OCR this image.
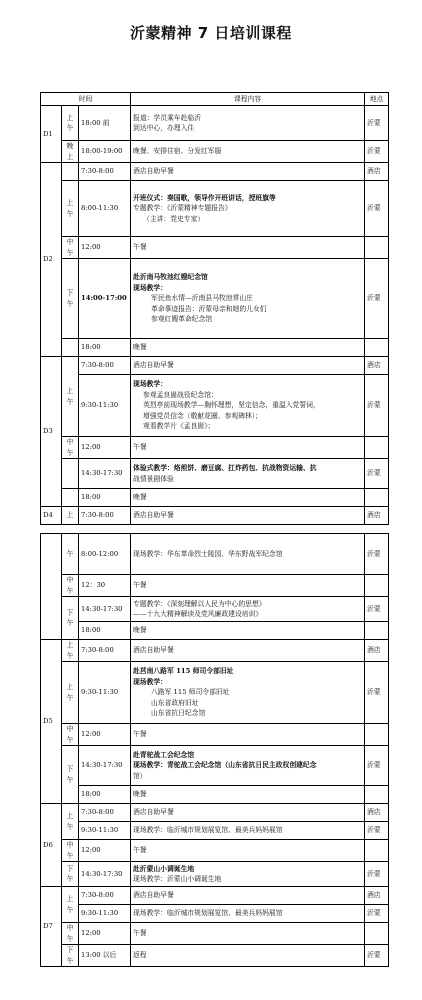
沂蒙精神 7 日培训课程
时间			课程内容	地点
D1	上午	18:00 前	报道：学员乘车赴临沂
到达中心，办理入住	沂蒙
	晚上	18:00-19:00	晚餐、安排住宿、分发红军服	沂蒙
D2		7:30-8:00	酒店自助早餐	酒店
	上午	8:00-11:30	开班仪式：奏国歌，领导作开班讲话，授班旗等
专题教学：《沂蒙精神专题报告》
（主讲：党史专家）	沂蒙
	中午	12:00	午餐	
	下午	14:00-17:00	赴沂南马牧池红嫂纪念馆
现场教学：
军民鱼水情—沂南县马牧池常山庄
革命事迹报告：沂蒙母亲和她的儿女们
参观红嫂革命纪念馆	沂蒙
		18:00	晚餐	
D3	上午	7:30-8:00	酒店自助早餐	酒店
		9:30-11:30	现场教学：
参观孟良崮战役纪念馆：
英烈亭前现场教学—胸怀理想，坚定信念，重温入党誓词，
增强党员信念（敬献花圈、参观碑林）；
观看教学片《孟良崮》；	沂蒙
	中午	12:00	午餐	
		14:30-17:30	体验式教学：烙煎饼、磨豆腐、扛炸药包、抗战物资运输、抗
战情景剧体验	沂蒙
		18:00	晚餐	
D4	上	7:30-8:00	酒店自助早餐	酒店
	午	8:00-12:00	现场教学：华东革命烈士陵园、华东野战军纪念馆	沂蒙
	中午	12：30	午餐	
	下午	14:30-17:30	专题教学：《深刻理解以人民为中心的思想》
——十九大精神解读及党风廉政建设培训》	沂蒙
		18:00	晚餐	
D5	上午	7:30-8:00	酒店自助早餐	酒店
	上午	9:30-11:30	赴莒南八路军 115 师司令部旧址
现场教学：
八路军 115 师司令部旧址
山东省政府旧址
山东省抗日纪念馆	沂蒙
	中午	12:00	午餐	
	下午	14:30-17:30	赴青驼战工会纪念馆
现场教学：青驼战工会纪念馆（山东省抗日民主政权创建纪念
馆）	沂蒙
		18:00	晚餐	
D6	上午	7:30-8:00	酒店自助早餐	酒店
		9:30-11:30	现场教学：临沂城市规划展览馆、最美兵妈妈展馆	沂蒙
	中午	12:00	午餐	
	下午	14:30-17:30	赴沂蒙山小调诞生地
现场教学：沂蒙山小调诞生地	沂蒙
D7	上午	7:30-8:00	酒店自助早餐	酒店
		9:30-11:30	现场教学：临沂城市规划展览馆、最美兵妈妈展馆	沂蒙
	中午	12:00	午餐	
	下午	13:00 以后	返程	沂蒙
